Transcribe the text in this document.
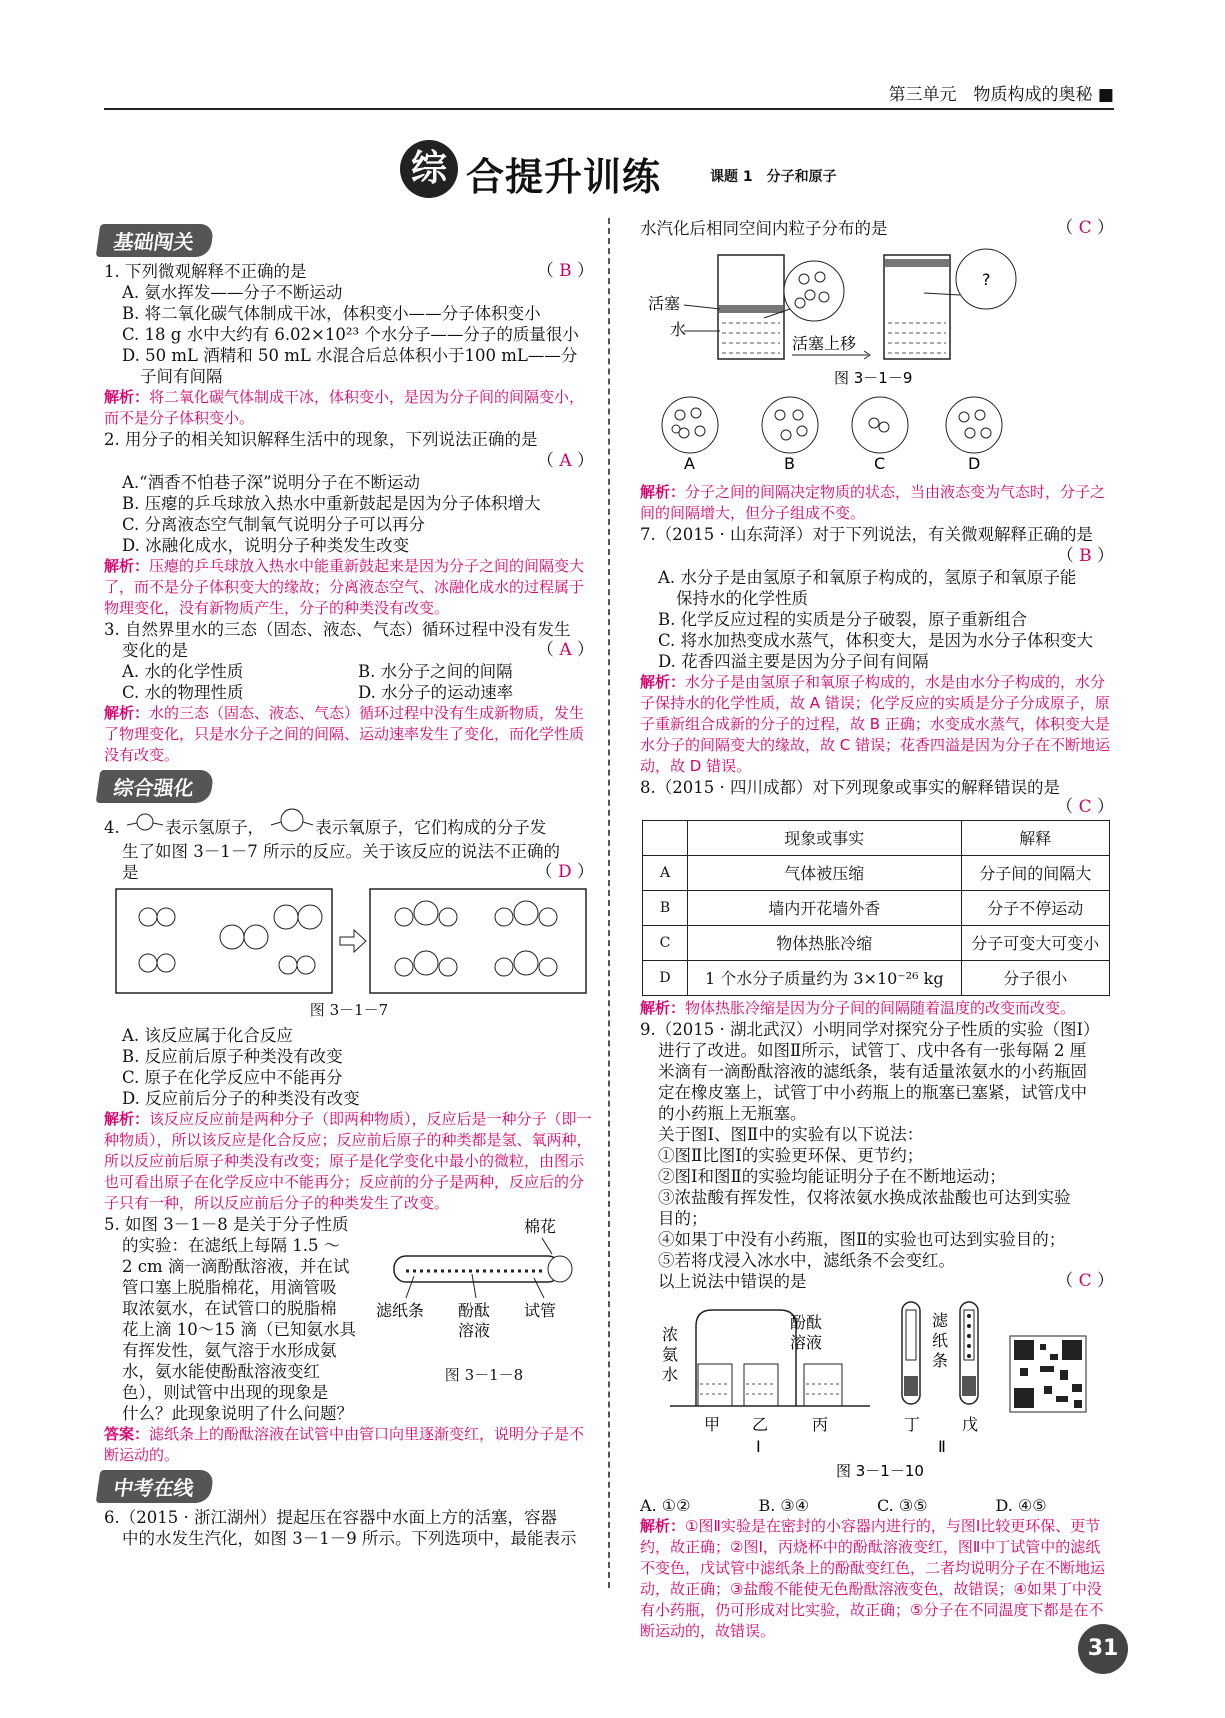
第三单元　物质构成的奥秘 ■
综 合提升训练	课题 1　分子和原子
基础闯关

1. 下列微观解释不正确的是	（ B ）

A. 氨水挥发——分子不断运动

B. 将二氧化碳气体制成干冰，体积变小——分子体积变小

C. 18 g 水中大约有 6.02×10²³ 个水分子——分子的质量很小

D. 50 mL 酒精和 50 mL 水混合后总体积小于100 mL——分

子间有间隔

解析：将二氧化碳气体制成干冰，体积变小，是因为分子间的间隔变小，而不是分子体积变小。

2. 用分子的相关知识解释生活中的现象，下列说法正确的是

（ A ）

A.“酒香不怕巷子深”说明分子在不断运动

B. 压瘪的乒乓球放入热水中重新鼓起是因为分子体积增大

C. 分离液态空气制氧气说明分子可以再分

D. 冰融化成水，说明分子种类发生改变

解析：压瘪的乒乓球放入热水中能重新鼓起来是因为分子之间的间隔变大了，而不是分子体积变大的缘故；分离液态空气、冰融化成水的过程属于物理变化，没有新物质产生，分子的种类没有改变。

3. 自然界里水的三态（固态、液态、气态）循环过程中没有发生

变化的是	（ A ）

A. 水的化学性质	B. 水分子之间的间隔
C. 水的物理性质	D. 水分子的运动速率

解析：水的三态（固态、液态、气态）循环过程中没有生成新物质，发生了物理变化，只是水分子之间的间隔、运动速率发生了变化，而化学性质没有改变。

综合强化

4.	表示氢原子，	表示氧原子，它们构成的分子发

生了如图 3－1－7 所示的反应。关于该反应的说法不正确的

是	（ D ）

图 3－1－7

A. 该反应属于化合反应

B. 反应前后原子种类没有改变

C. 原子在化学反应中不能再分

D. 反应前后分子的种类没有改变

解析：该反应反应前是两种分子（即两种物质），反应后是一种分子（即一种物质），所以该反应是化合反应；反应前后原子的种类都是氢、氧两种，所以反应前后原子种类没有改变；原子是化学变化中最小的微粒，由图示也可看出原子在化学反应中不能再分；反应前的分子是两种，反应后的分子只有一种，所以反应前后分子的种类发生了改变。

5. 如图 3－1－8 是关于分子性质

的实验：在滤纸上每隔 1.5 ～

2 cm 滴一滴酚酞溶液，并在试

管口塞上脱脂棉花，用滴管吸

取浓氨水，在试管口的脱脂棉

花上滴 10～15 滴（已知氨水具

有挥发性，氨气溶于水形成氨

水，氨水能使酚酞溶液变红

色），则试管中出现的现象是

什么？此现象说明了什么问题？

棉花
滤纸条 酚酞
溶液
试管
图 3－1－8

答案：滤纸条上的酚酞溶液在试管中由管口向里逐渐变红，说明分子是不断运动的。

中考在线

6.（2015 · 浙江湖州）提起压在容器中水面上方的活塞，容器

中的水发生汽化，如图 3－1－9 所示。下列选项中，最能表示

水汽化后相同空间内粒子分布的是	（ C ）

活塞
水
活塞上移
?
图 3－1－9
A	B	C	D

解析：分子之间的间隔决定物质的状态，当由液态变为气态时，分子之间的间隔增大，但分子组成不变。

7.（2015 · 山东菏泽）对于下列说法，有关微观解释正确的是

（ B ）

A. 水分子是由氢原子和氧原子构成的，氢原子和氧原子能

保持水的化学性质

B. 化学反应过程的实质是分子破裂，原子重新组合

C. 将水加热变成水蒸气，体积变大，是因为水分子体积变大

D. 花香四溢主要是因为分子间有间隔

解析：水分子是由氢原子和氧原子构成的，水是由水分子构成的，水分子保持水的化学性质，故 A 错误；化学反应的实质是分子分成原子，原子重新组合成新的分子的过程，故 B 正确；水变成水蒸气，体积变大是水分子的间隔变大的缘故，故 C 错误；花香四溢是因为分子在不断地运动，故 D 错误。

8.（2015 · 四川成都）对下列现象或事实的解释错误的是

（ C ）

	现象或事实	解释
A	气体被压缩	分子间的间隔大
B	墙内开花墙外香	分子不停运动
C	物体热胀冷缩	分子可变大可变小
D	1 个水分子质量约为 3×10⁻²⁶ kg	分子很小

解析：物体热胀冷缩是因为分子间的间隔随着温度的改变而改变。

9.（2015 · 湖北武汉）小明同学对探究分子性质的实验（图Ⅰ）

进行了改进。如图Ⅱ所示，试管丁、戊中各有一张每隔 2 厘

米滴有一滴酚酞溶液的滤纸条，装有适量浓氨水的小药瓶固

定在橡皮塞上，试管丁中小药瓶上的瓶塞已塞紧，试管戊中

的小药瓶上无瓶塞。

关于图Ⅰ、图Ⅱ中的实验有以下说法：

①图Ⅱ比图Ⅰ的实验更环保、更节约；

②图Ⅰ和图Ⅱ的实验均能证明分子在不断地运动；

③浓盐酸有挥发性，仅将浓氨水换成浓盐酸也可达到实验

目的；

④如果丁中没有小药瓶，图Ⅱ的实验也可达到实验目的；

⑤若将戊浸入冰水中，滤纸条不会变红。

以上说法中错误的是	（ C ）

浓
氨
水
酚酞
溶液
甲 乙	丙
Ⅰ
滤
纸
条
丁	戊
Ⅱ
图 3－1－10
A. ①②	B. ③④	C. ③⑤	D. ④⑤

解析：①图Ⅱ实验是在密封的小容器内进行的，与图Ⅰ比较更环保、更节约，故正确；②图Ⅰ，丙烧杯中的酚酞溶液变红，图Ⅱ中丁试管中的滤纸不变色，戊试管中滤纸条上的酚酞变红色，二者均说明分子在不断地运动，故正确；③盐酸不能使无色酚酞溶液变色，故错误；④如果丁中没有小药瓶，仍可形成对比实验，故正确；⑤分子在不同温度下都是在不断运动的，故错误。

31
